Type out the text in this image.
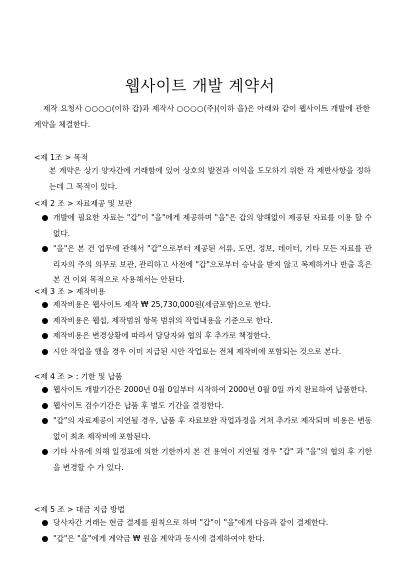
웹사이트 개발 계약서
제작 요청사 ○○○○(이하 갑)과 제작사 ○○○○(주)(이하 을)은 아래와 같이 웹사이트 개발에 관한 계약을 체결한다.
<제 1조 > 목적
본 계약은 상기 양자간에 거래함에 있어 상호의 발전과 이익을 도모하기 위한 각 제반사항을 정하는데 그 목적이 있다.
<제 2 조 > 자료제공 및 보관
개발에 필요한 자료는 "갑"이 "을"에게 제공하며 "을"은 갑의 양해없이 제공된 자료를 이용 할 수 없다.
"을"은 본 건 업무에 관해서 "갑"으로부터 제공된 서류, 도면, 정보, 데이터, 기타 모든 자료를 관리자의 주의 의무로 보관, 관리하고 사전에 "갑"으로부터 승낙을 받지 않고 복제하거나 반출 혹은 본 건 이외 목적으로 사용해서는 안된다.
<제 3 조 > 제작비용
제작비용은 웹사이트 제작 ₩ 25,730,000원(세금포함)으로 한다.
제작비용은 웹섭, 제작범위 항목 범위의 작업내용을 기준으로 한다.
제작비용은 변경상황에 따라서 담당자와 협의 후 추가로 책정한다.
시안 작업을 했을 경우 이미 지급된 시안 작업료는 전체 제작비에 포함되는 것으로 본다.
<제 4 조 > : 기한 및 납품
웹사이트 개발기간은 2000년 0월 0일부터 시작하여 2000년 0월 0일 까지 완료하여 납품한다.
웹사이트 검수기간은 납품 후 별도 기간을 결정한다.
"갑"의 자료제공이 지연될 경우, 납품 후 자료보완 작업과정을 거쳐 추가로 제작되며 비용은 변동 없이 최초 제작비에 포함된다.
기타 사유에 의해 일정표에 의한 기한까지 본 건 용역이 지연될 경우 "갑" 과 "을"의 협의 후 기한을 변경할 수 가 있다.
<제 5 조 > 대금 지급 방법
당사자간 거래는 현금 결제를 원칙으로 하며 "갑"이 "을"에게 다음과 같이 결제한다.
"갑"은 "을"에게 계약금 ₩ 원을 계약과 동시에 결제하여야 한다.
